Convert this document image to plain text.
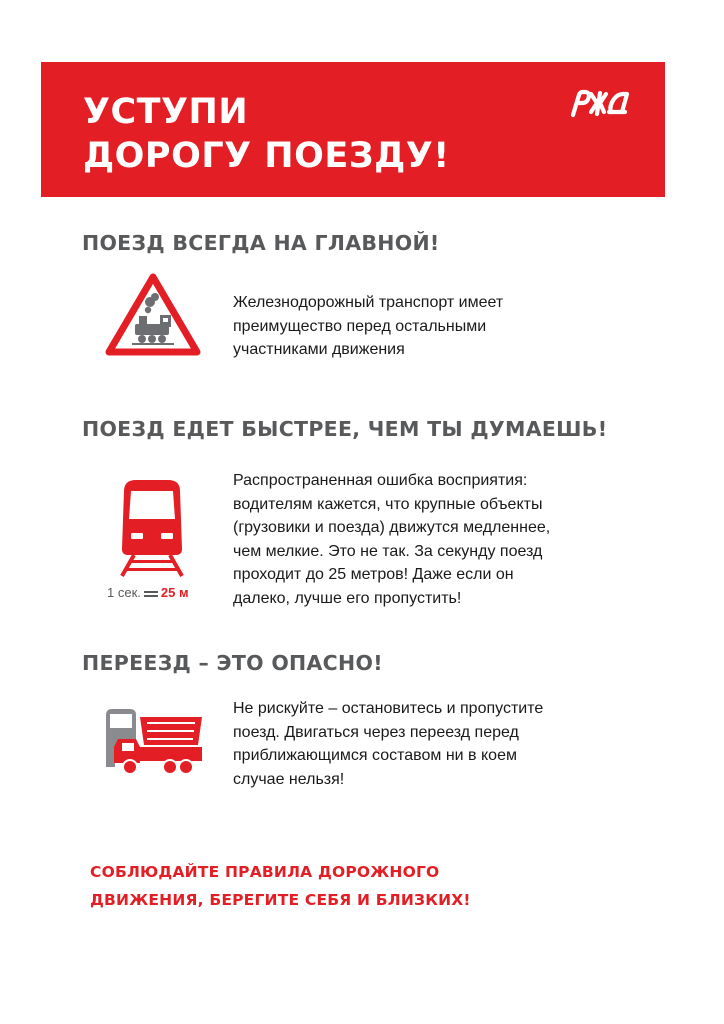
УСТУПИ
ДОРОГУ ПОЕЗДУ!
ПОЕЗД ВСЕГДА НА ГЛАВНОЙ!

Железнодорожный транспорт имеет
преимущество перед остальными
участниками движения

ПОЕЗД ЕДЕТ БЫСТРЕЕ, ЧЕМ ТЫ ДУМАЕШЬ!

1 сек. 25 м

Распространенная ошибка восприятия:
водителям кажется, что крупные объекты
(грузовики и поезда) движутся медленнее,
чем мелкие. Это не так. За секунду поезд
проходит до 25 метров! Даже если он
далеко, лучше его пропустить!

ПЕРЕЕЗД – ЭТО ОПАСНО!

Не рискуйте – остановитесь и пропустите
поезд. Двигаться через переезд перед
приближающимся составом ни в коем
случае нельзя!

СОБЛЮДАЙТЕ ПРАВИЛА ДОРОЖНОГО
ДВИЖЕНИЯ, БЕРЕГИТЕ СЕБЯ И БЛИЗКИХ!
